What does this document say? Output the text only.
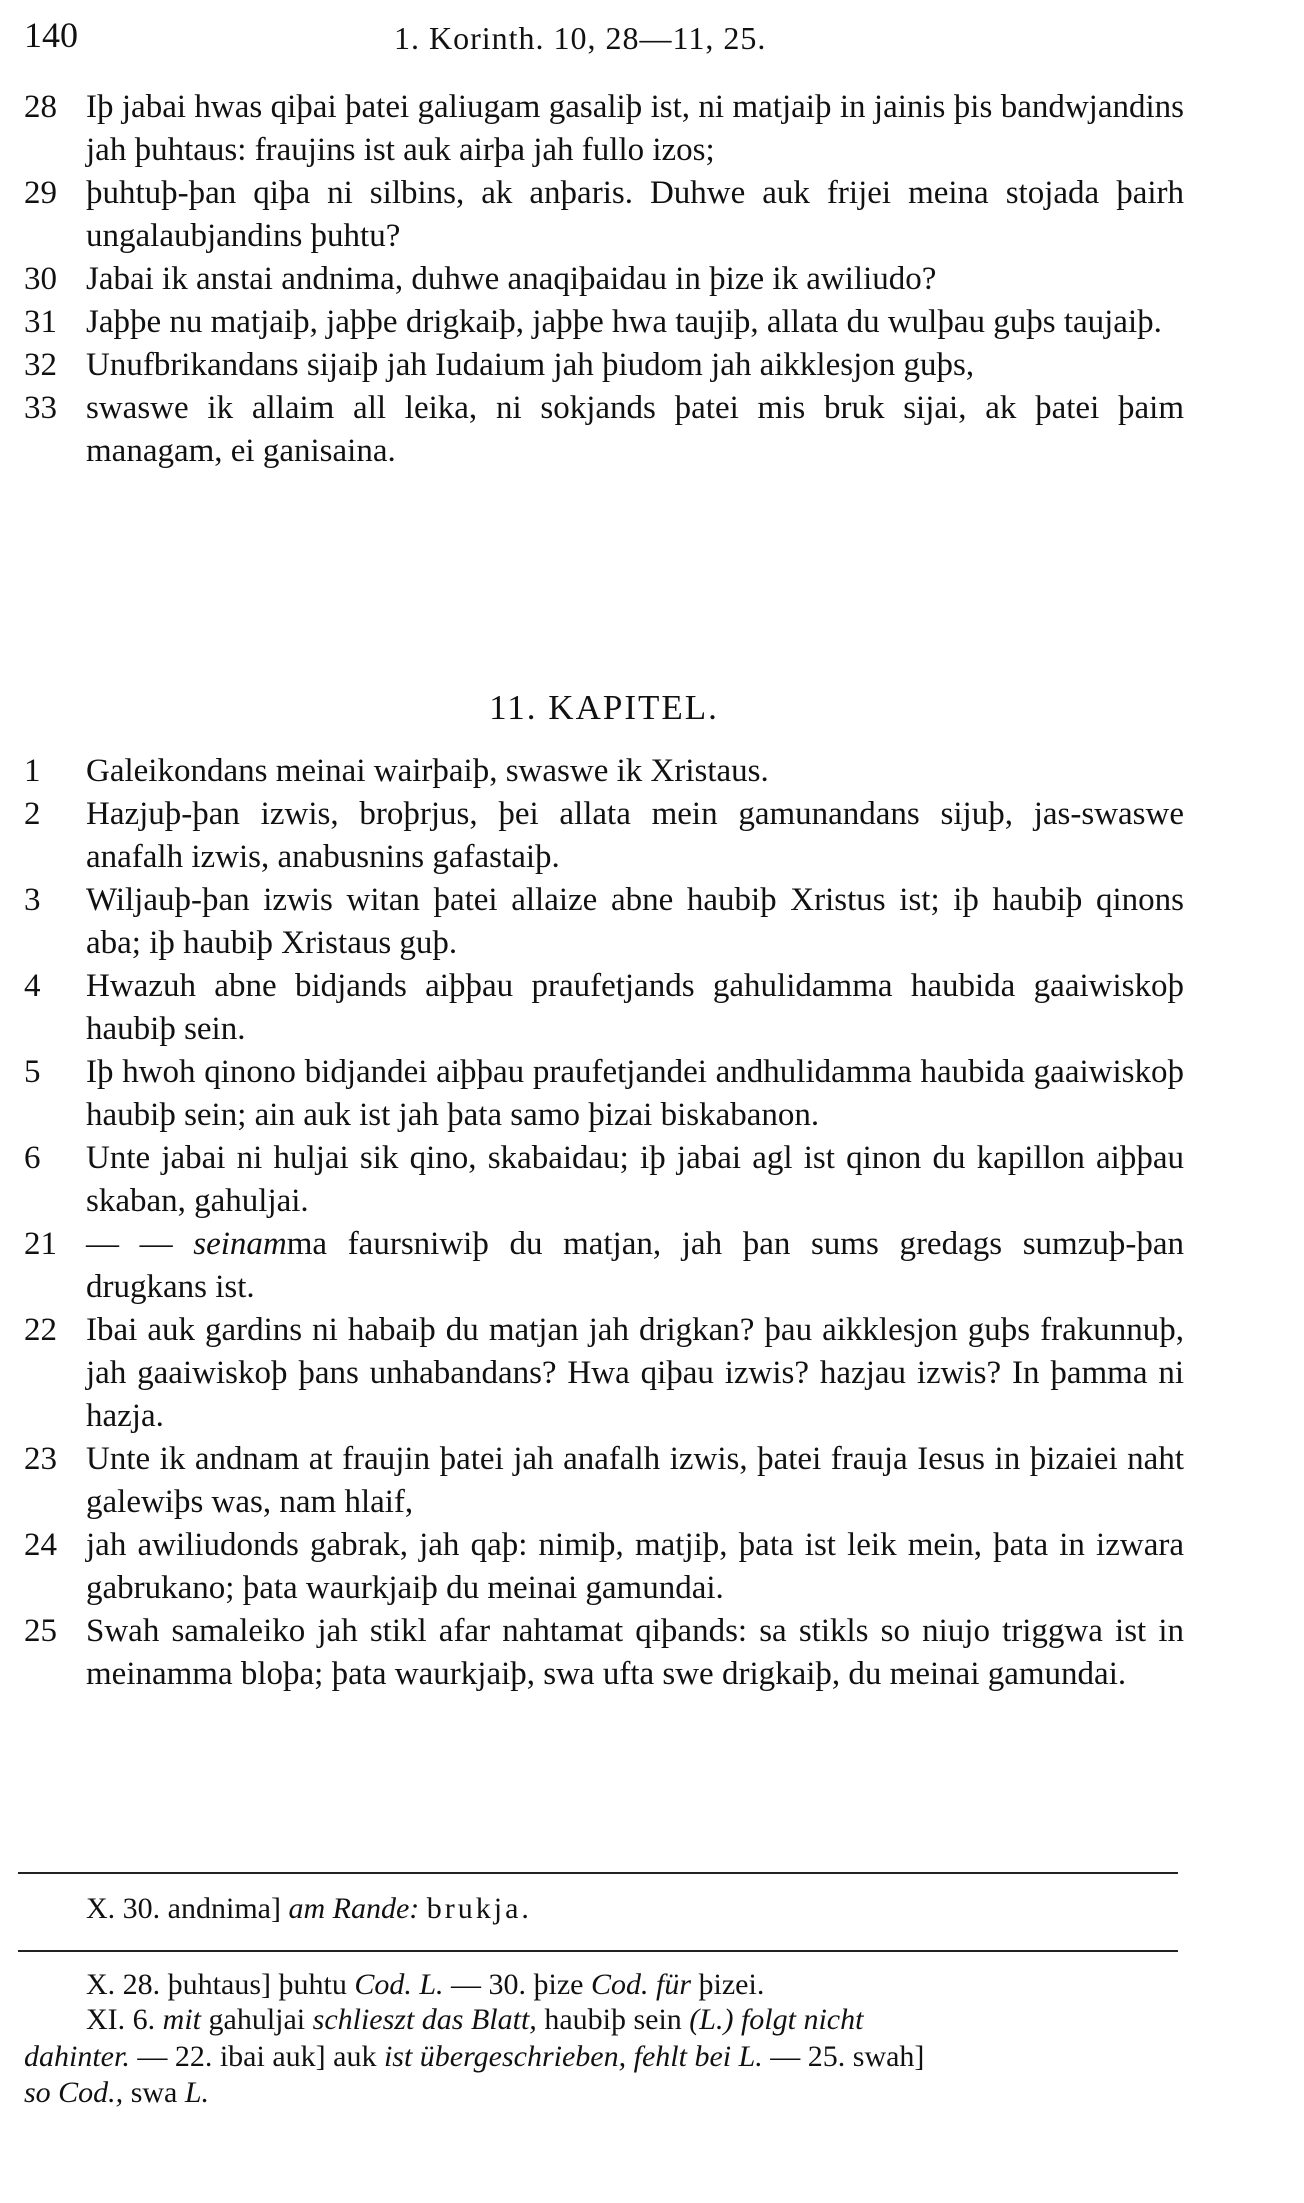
140	1. Korinth. 10, 28—11, 25.
28 Iþ jabai hwas qiþai þatei galiugam gasaliþ ist, ni matjaiþ in jainis þis bandwjandins jah þuhtaus: fraujins ist auk airþa jah fullo izos;
29 þuhtuþ-þan qiþa ni silbins, ak anþaris. Duhwe auk frijei meina stojada þairh ungalaubjandins þuhtu?
30 Jabai ik anstai andnima, duhwe anaqiþaidau in þize ik awiliudo?
31 Jaþþe nu matjaiþ, jaþþe drigkaiþ, jaþþe hwa taujiþ, allata du wulþau guþs taujaiþ.
32 Unufbrikandans sijaiþ jah Iudaium jah þiudom jah aikklesjon guþs,
33 swaswe ik allaim all leika, ni sokjands þatei mis bruk sijai, ak þatei þaim managam, ei ganisaina.
11. KAPITEL.
1	Galeikondans meinai wairþaiþ, swaswe ik Xristaus.
2	Hazjuþ-þan izwis, broþrjus, þei allata mein gamunandans sijuþ, jas-swaswe anafalh izwis, anabusnins gafastaiþ.
3	Wiljauþ-þan izwis witan þatei allaize abne haubiþ Xristus ist; iþ haubiþ qinons aba; iþ haubiþ Xristaus guþ.
4	Hwazuh abne bidjands aiþþau praufetjands gahulidamma haubida gaaiwiskoþ haubiþ sein.
5	Iþ hwoh qinono bidjandei aiþþau praufetjandei andhulidamma haubida gaaiwiskoþ haubiþ sein; ain auk ist jah þata samo þizai biskabanon.
6	Unte jabai ni huljai sik qino, skabaidau; iþ jabai agl ist qinon du kapillon aiþþau skaban, gahuljai.
21 — — seinamma faursniwiþ du matjan, jah þan sums gredags sumzuþ-þan drugkans ist.
22 Ibai auk gardins ni habaiþ du matjan jah drigkan? þau aikklesjon guþs frakunnuþ, jah gaaiwiskoþ þans unhabandans? Hwa qiþau izwis? hazjau izwis? In þamma ni hazja.
23 Unte ik andnam at fraujin þatei jah anafalh izwis, þatei frauja Iesus in þizaiei naht galewiþs was, nam hlaif,
24 jah awiliudonds gabrak, jah qaþ: nimiþ, matjiþ, þata ist leik mein, þata in izwara gabrukano; þata waurkjaiþ du meinai gamundai.
25 Swah samaleiko jah stikl afar nahtamat qiþands: sa stikls so niujo triggwa ist in meinamma bloþa; þata waurkjaiþ, swa ufta swe drigkaiþ, du meinai gamundai.
X. 30. andnima] am Rande: brukja.
X. 28. þuhtaus] þuhtu Cod. L. — 30. þize Cod. für þizei.
XI. 6. mit gahuljai schlieszt das Blatt, haubiþ sein (L.) folgt nicht
dahinter. — 22. ibai auk] auk ist übergeschrieben, fehlt bei L. — 25. swah]
so Cod., swa L.
